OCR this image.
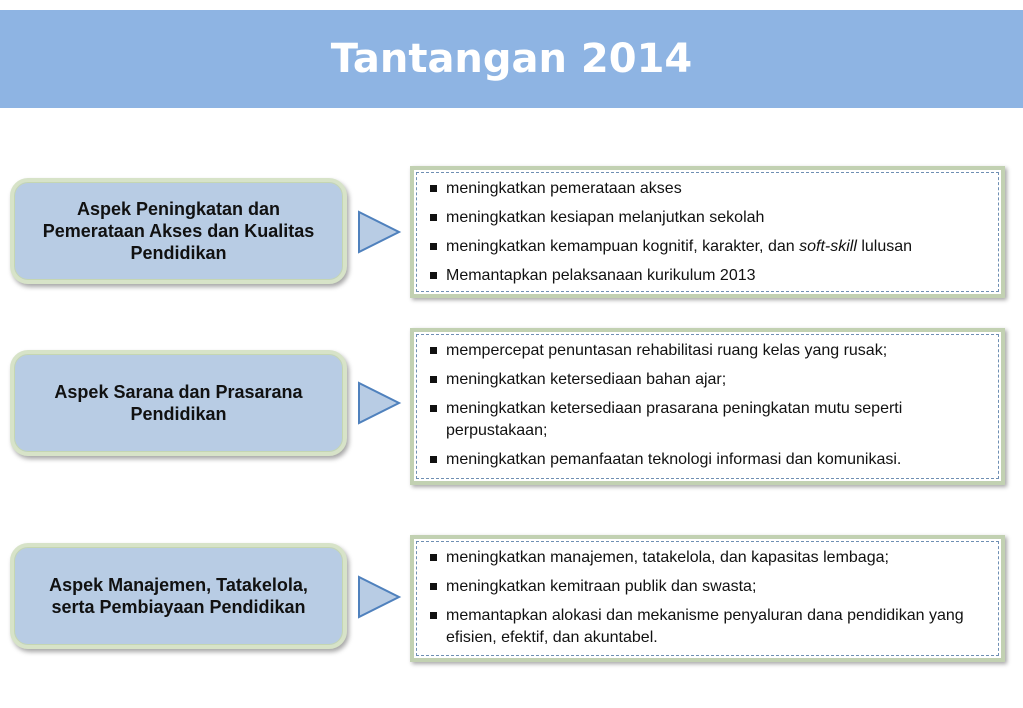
Tantangan 2014
Aspek Peningkatan dan Pemerataan Akses dan Kualitas Pendidikan
meningkatkan pemerataan akses
meningkatkan kesiapan melanjutkan sekolah
meningkatkan kemampuan kognitif, karakter, dan soft-skill lulusan
Memantapkan pelaksanaan kurikulum 2013
Aspek Sarana dan Prasarana Pendidikan
mempercepat penuntasan rehabilitasi ruang kelas yang rusak;
meningkatkan ketersediaan bahan ajar;
meningkatkan ketersediaan prasarana peningkatan mutu seperti perpustakaan;
meningkatkan pemanfaatan teknologi informasi dan komunikasi.
Aspek Manajemen, Tatakelola, serta Pembiayaan Pendidikan
meningkatkan manajemen, tatakelola, dan kapasitas lembaga;
meningkatkan kemitraan publik dan swasta;
memantapkan alokasi dan mekanisme penyaluran dana pendidikan yang efisien, efektif, dan akuntabel.
